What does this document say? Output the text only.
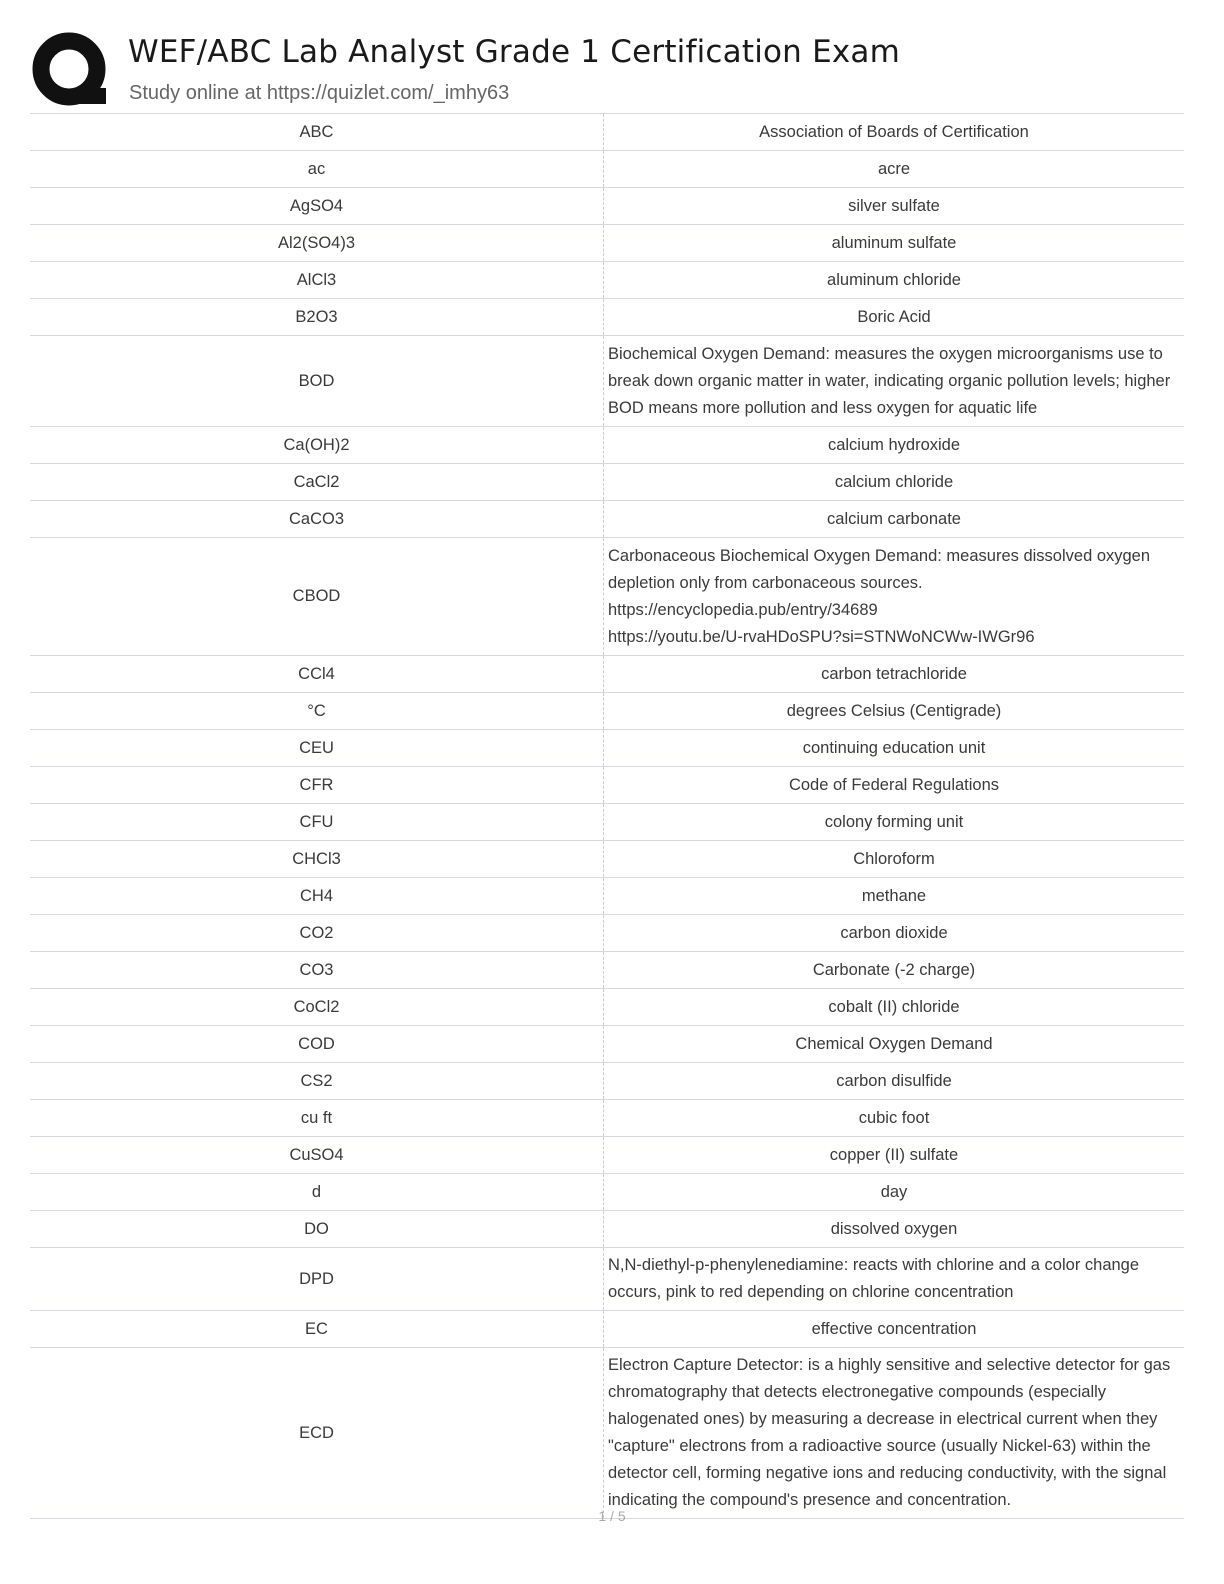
WEF/ABC Lab Analyst Grade 1 Certification Exam
Study online at https://quizlet.com/_imhy63
ABC	Association of Boards of Certification
ac	acre
AgSO4	silver sulfate
Al2(SO4)3	aluminum sulfate
AlCl3	aluminum chloride
B2O3	Boric Acid
BOD	Biochemical Oxygen Demand: measures the oxygen microorganisms use to break down organic matter in water, indicating organic pollution levels; higher BOD means more pollution and less oxygen for aquatic life
Ca(OH)2	calcium hydroxide
CaCl2	calcium chloride
CaCO3	calcium carbonate
CBOD	Carbonaceous Biochemical Oxygen Demand: measures dissolved oxygen depletion only from carbonaceous sources.
https://encyclopedia.pub/entry/34689
https://youtu.be/U-rvaHDoSPU?si=STNWoNCWw-IWGr96
CCl4	carbon tetrachloride
°C	degrees Celsius (Centigrade)
CEU	continuing education unit
CFR	Code of Federal Regulations
CFU	colony forming unit
CHCl3	Chloroform
CH4	methane
CO2	carbon dioxide
CO3	Carbonate (-2 charge)
CoCl2	cobalt (II) chloride
COD	Chemical Oxygen Demand
CS2	carbon disulfide
cu ft	cubic foot
CuSO4	copper (II) sulfate
d	day
DO	dissolved oxygen
DPD	N,N-diethyl-p-phenylenediamine: reacts with chlorine and a color change occurs, pink to red depending on chlorine concentration
EC	effective concentration
ECD	Electron Capture Detector: is a highly sensitive and selective detector for gas chromatography that detects electronegative compounds (especially halogenated ones) by measuring a decrease in electrical current when they "capture" electrons from a radioactive source (usually Nickel-63) within the detector cell, forming negative ions and reducing conductivity, with the signal indicating the compound's presence and concentration.
1 / 5
